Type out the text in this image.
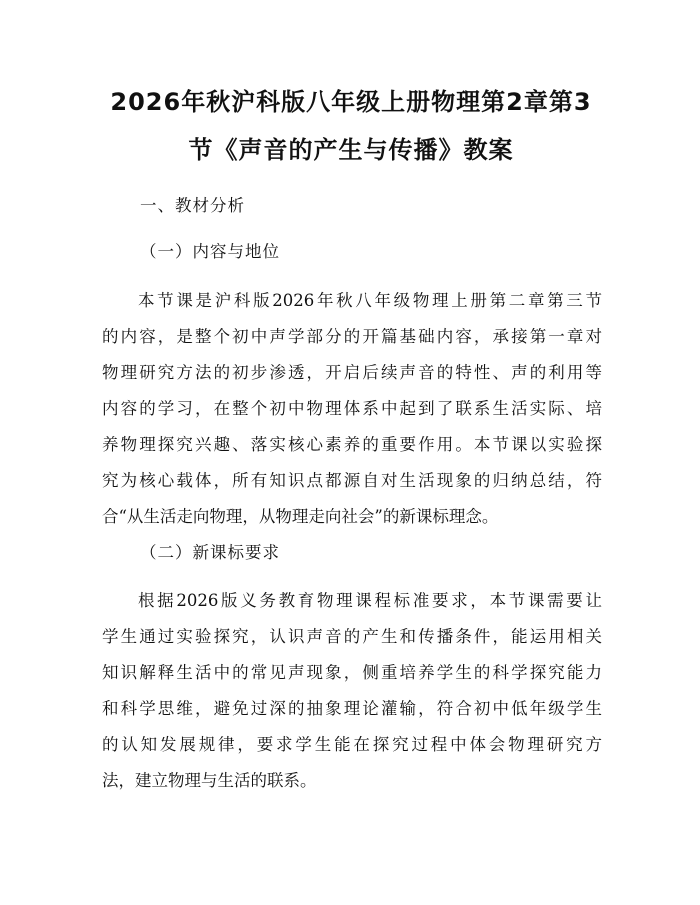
2026年秋沪科版八年级上册物理第2章第3
节《声音的产生与传播》教案

一、教材分析

（一）内容与地位

本节课是沪科版2026年秋八年级物理上册第二章第三节
的内容，是整个初中声学部分的开篇基础内容，承接第一章对
物理研究方法的初步渗透，开启后续声音的特性、声的利用等
内容的学习，在整个初中物理体系中起到了联系生活实际、培
养物理探究兴趣、落实核心素养的重要作用。本节课以实验探
究为核心载体，所有知识点都源自对生活现象的归纳总结，符
合“从生活走向物理，从物理走向社会”的新课标理念。

（二）新课标要求

根据2026版义务教育物理课程标准要求，本节课需要让
学生通过实验探究，认识声音的产生和传播条件，能运用相关
知识解释生活中的常见声现象，侧重培养学生的科学探究能力
和科学思维，避免过深的抽象理论灌输，符合初中低年级学生
的认知发展规律，要求学生能在探究过程中体会物理研究方
法，建立物理与生活的联系。
